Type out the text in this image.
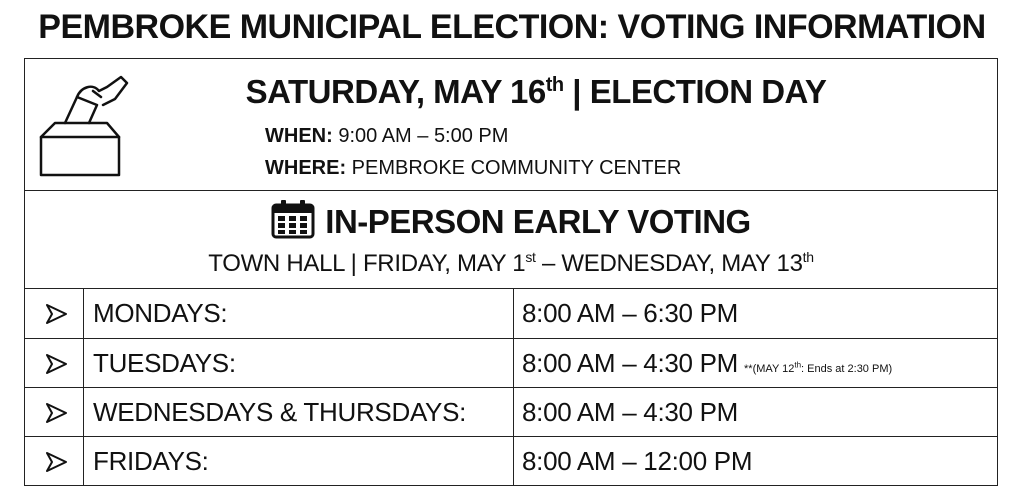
PEMBROKE MUNICIPAL ELECTION: VOTING INFORMATION
SATURDAY, MAY 16th | ELECTION DAY
WHEN: 9:00 AM – 5:00 PM
WHERE: PEMBROKE COMMUNITY CENTER
IN-PERSON EARLY VOTING
TOWN HALL | FRIDAY, MAY 1st – WEDNESDAY, MAY 13th
MONDAYS:	8:00 AM – 6:30 PM
TUESDAYS:	8:00 AM – 4:30 PM **(MAY 12th: Ends at 2:30 PM)
WEDNESDAYS & THURSDAYS:	8:00 AM – 4:30 PM
FRIDAYS:	8:00 AM – 12:00 PM
